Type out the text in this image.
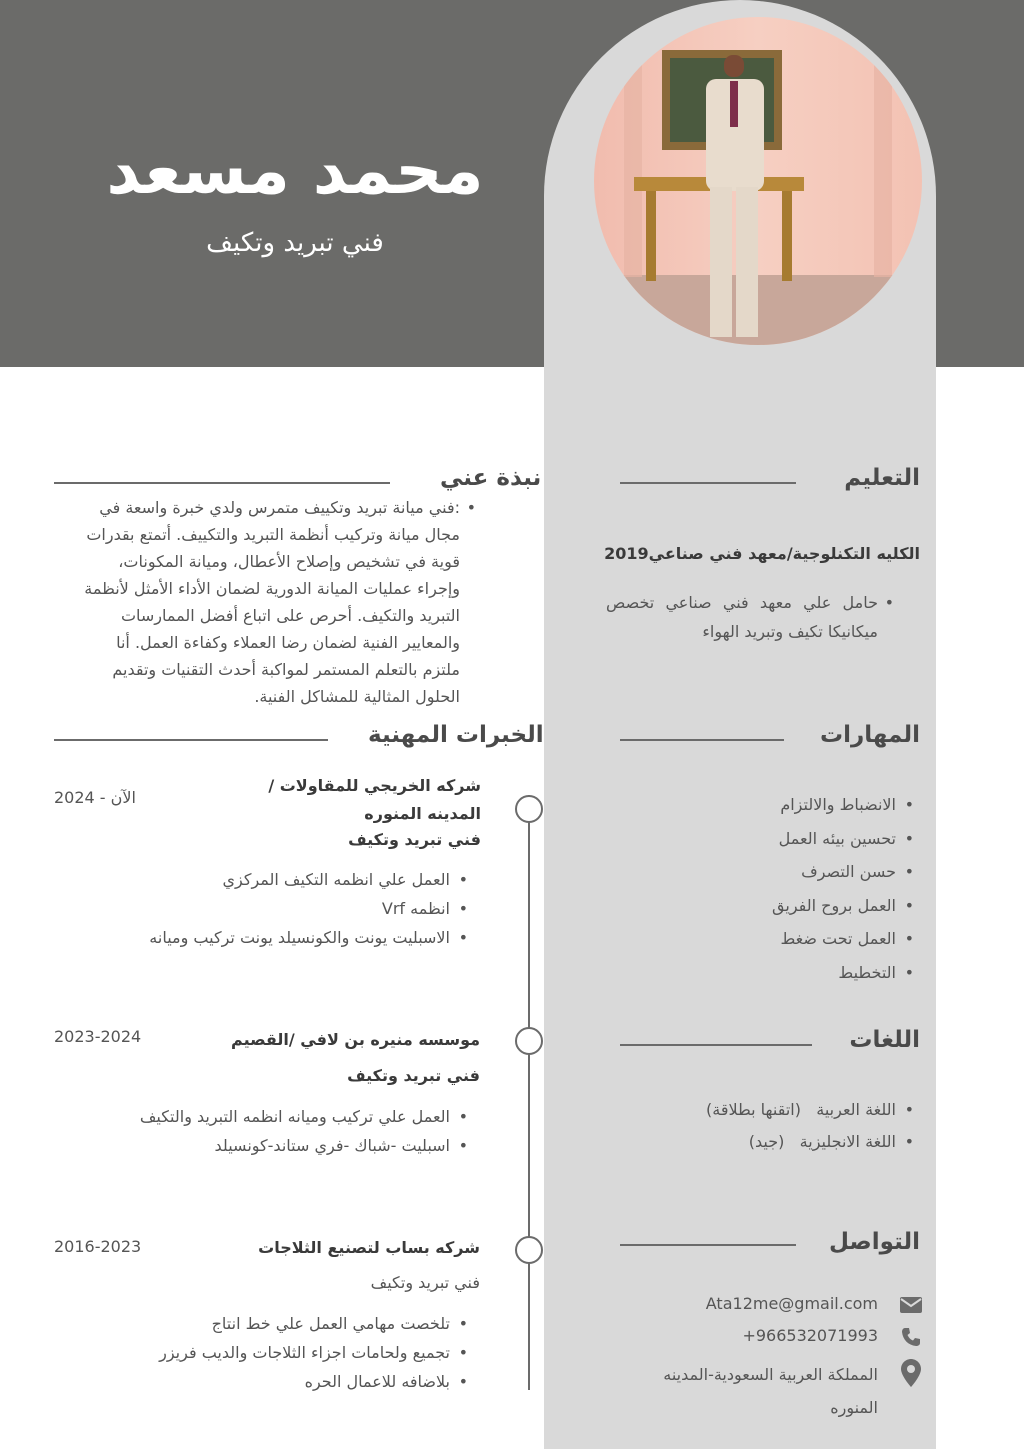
محمد مسعد
فني تبريد وتكيف
نبذة عني
•
:فني ميانة تبريد وتكييف متمرس ولدي خبرة واسعة في مجال ميانة وتركيب أنظمة التبريد والتكييف. أتمتع بقدرات قوية في تشخيص وإصلاح الأعطال، وميانة المكونات، وإجراء عمليات الميانة الدورية لضمان الأداء الأمثل لأنظمة التبريد والتكيف. أحرص على اتباع أفضل الممارسات والمعايير الفنية لضمان رضا العملاء وكفاءة العمل. أنا ملتزم بالتعلم المستمر لمواكبة أحدث التقنيات وتقديم الحلول المثالية للمشاكل الفنية.
التعليم
الكليه التكنلوجية/معهد فني صناعي2019
•
حامل علي معهد فني صناعي تخصص ميكانيكا تكيف وتبريد الهواء
المهارات
• الانضباط والالتزام
• تحسين بيئه العمل
• حسن التصرف
• العمل بروح الفريق
• العمل تحت ضغط
• التخطيط
اللغات
• اللغة العربية   (اتقنها بطلاقة)
• اللغة الانجليزية   (جيد)
التواصل
Ata12me@gmail.com
+966532071993
المملكة العربية السعودية-المدينه المنوره
الخبرات المهنية
شركه الخريجي للمقاولات / المدينه المنوره
2024 - الآن
فني تبريد وتكيف
• العمل علي انظمه التكيف المركزي
• انظمه Vrf
• الاسبليت يونت والكونسيلد يونت تركيب وميانه
موسسه منيره بن لافي /القصيم
2023-2024
فني تبريد وتكيف
• العمل علي تركيب وميانه انظمه التبريد والتكيف
• اسبليت -شباك -فري ستاند-كونسيلد
شركه بساب لتصنيع الثلاجات
2016-2023
فني تبريد وتكيف
• تلخصت مهامي العمل علي خط انتاج
• تجميع ولحامات اجزاء الثلاجات والديب فريزر
• بلاضافه للاعمال الحره
